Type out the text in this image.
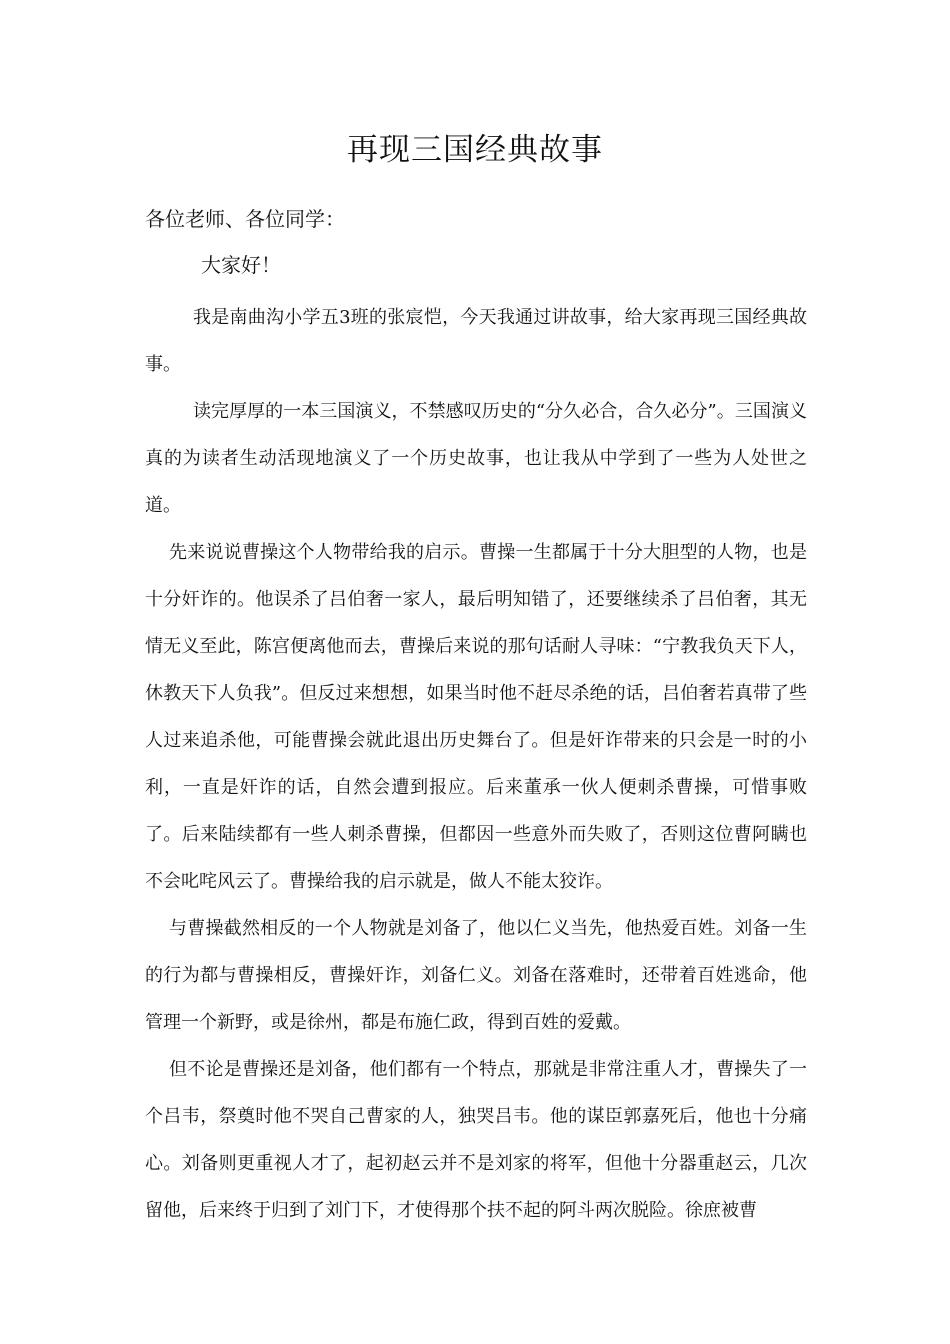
再现三国经典故事

各位老师、各位同学：

大家好！

我是南曲沟小学五3班的张宸恺，今天我通过讲故事，给大家再现三国经典故事。

读完厚厚的一本三国演义，不禁感叹历史的“分久必合，合久必分”。三国演义真的为读者生动活现地演义了一个历史故事，也让我从中学到了一些为人处世之道。

先来说说曹操这个人物带给我的启示。曹操一生都属于十分大胆型的人物，也是十分奸诈的。他误杀了吕伯奢一家人，最后明知错了，还要继续杀了吕伯奢，其无情无义至此，陈宫便离他而去，曹操后来说的那句话耐人寻味：“宁教我负天下人，休教天下人负我”。但反过来想想，如果当时他不赶尽杀绝的话，吕伯奢若真带了些人过来追杀他，可能曹操会就此退出历史舞台了。但是奸诈带来的只会是一时的小利，一直是奸诈的话，自然会遭到报应。后来董承一伙人便刺杀曹操，可惜事败了。后来陆续都有一些人刺杀曹操，但都因一些意外而失败了，否则这位曹阿瞒也不会叱咤风云了。曹操给我的启示就是，做人不能太狡诈。

与曹操截然相反的一个人物就是刘备了，他以仁义当先，他热爱百姓。刘备一生的行为都与曹操相反，曹操奸诈，刘备仁义。刘备在落难时，还带着百姓逃命，他管理一个新野，或是徐州，都是布施仁政，得到百姓的爱戴。

但不论是曹操还是刘备，他们都有一个特点，那就是非常注重人才，曹操失了一个吕韦，祭奠时他不哭自己曹家的人，独哭吕韦。他的谋臣郭嘉死后，他也十分痛心。刘备则更重视人才了，起初赵云并不是刘家的将军，但他十分器重赵云，几次留他，后来终于归到了刘门下，才使得那个扶不起的阿斗两次脱险。徐庶被曹
